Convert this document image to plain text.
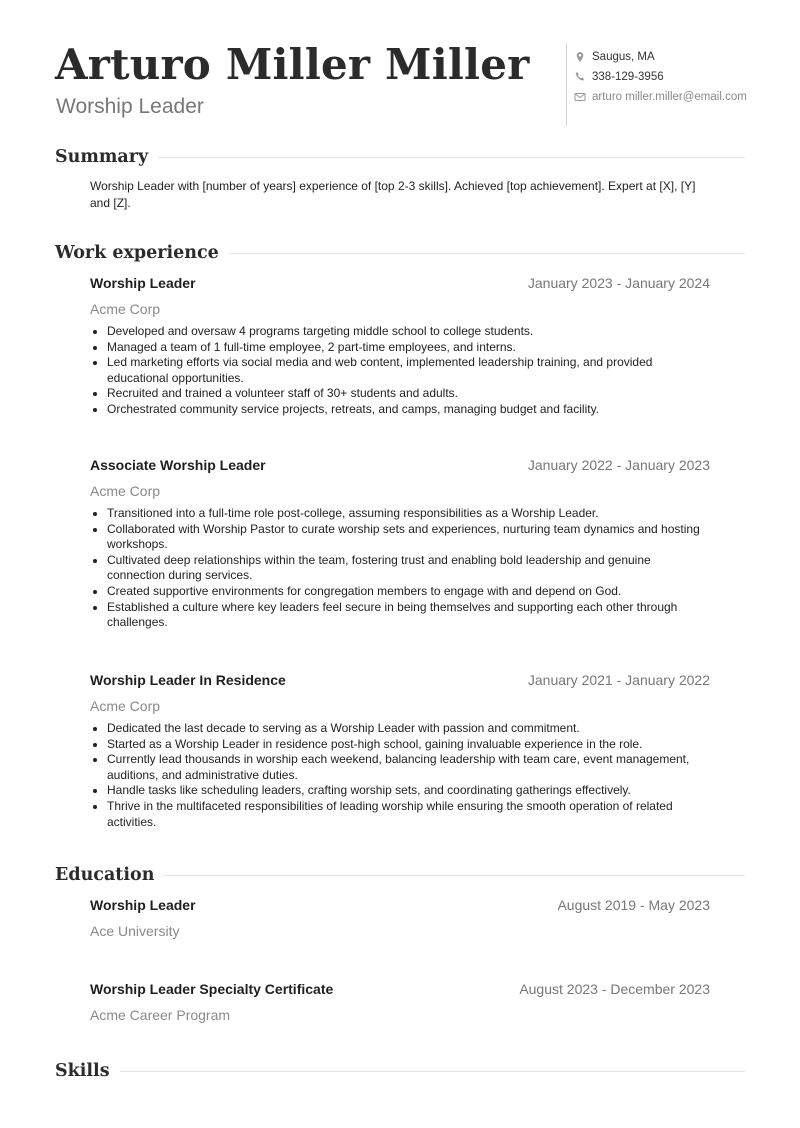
Arturo Miller Miller
Worship Leader
Saugus, MA
338-129-3956
arturo miller.miller@email.com
Summary
Worship Leader with [number of years] experience of [top 2-3 skills]. Achieved [top achievement]. Expert at [X], [Y] and [Z].
Work experience
Worship Leader	January 2023 - January 2024
Acme Corp
• Developed and oversaw 4 programs targeting middle school to college students.
• Managed a team of 1 full-time employee, 2 part-time employees, and interns.
• Led marketing efforts via social media and web content, implemented leadership training, and provided educational opportunities.
• Recruited and trained a volunteer staff of 30+ students and adults.
• Orchestrated community service projects, retreats, and camps, managing budget and facility.
Associate Worship Leader	January 2022 - January 2023
Acme Corp
• Transitioned into a full-time role post-college, assuming responsibilities as a Worship Leader.
• Collaborated with Worship Pastor to curate worship sets and experiences, nurturing team dynamics and hosting workshops.
• Cultivated deep relationships within the team, fostering trust and enabling bold leadership and genuine connection during services.
• Created supportive environments for congregation members to engage with and depend on God.
• Established a culture where key leaders feel secure in being themselves and supporting each other through challenges.
Worship Leader In Residence	January 2021 - January 2022
Acme Corp
• Dedicated the last decade to serving as a Worship Leader with passion and commitment.
• Started as a Worship Leader in residence post-high school, gaining invaluable experience in the role.
• Currently lead thousands in worship each weekend, balancing leadership with team care, event management, auditions, and administrative duties.
• Handle tasks like scheduling leaders, crafting worship sets, and coordinating gatherings effectively.
• Thrive in the multifaceted responsibilities of leading worship while ensuring the smooth operation of related activities.
Education
Worship Leader	August 2019 - May 2023
Ace University
Worship Leader Specialty Certificate	August 2023 - December 2023
Acme Career Program
Skills
